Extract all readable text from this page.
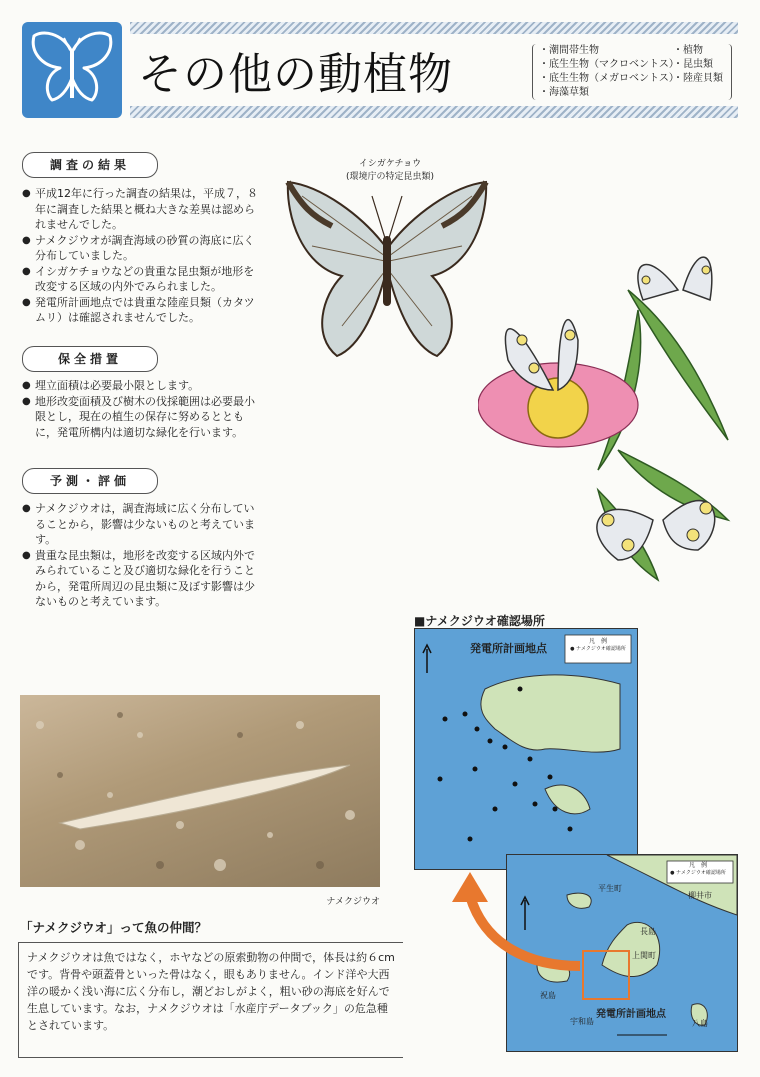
その他の動植物	・潮間帯生物
・底生生物（マクロベントス）
・底生生物（メガロベントス）
・海藻草類
・植物
・昆虫類
・陸産貝類
調査の結果
● 平成12年に行った調査の結果は，平成７，８年に調査した結果と概ね大きな差異は認められませんでした。
● ナメクジウオが調査海域の砂質の海底に広く分布していました。
● イシガケチョウなどの貴重な昆虫類が地形を改変する区域の内外でみられました。
● 発電所計画地点では貴重な陸産貝類（カタツムリ）は確認されませんでした。
保全措置
● 埋立面積は必要最小限とします。
● 地形改変面積及び樹木の伐採範囲は必要最小限とし，現在の植生の保存に努めるとともに，発電所構内は適切な緑化を行います。
予測・評価
● ナメクジウオは，調査海域に広く分布していることから，影響は少ないものと考えています。
● 貴重な昆虫類は，地形を改変する区域内外でみられていること及び適切な緑化を行うことから，発電所周辺の昆虫類に及ぼす影響は少ないものと考えています。
イシガケチョウ
(環境庁の特定昆虫類)
ナメクジウオ
「ナメクジウオ」って魚の仲間？
ナメクジウオは魚ではなく，ホヤなどの原索動物の仲間で，体長は約６cmです。背骨や頭蓋骨といった骨はなく，眼もありません。インド洋や大西洋の暖かく浅い海に広く分布し，潮どおしがよく，粗い砂の海底を好んで生息しています。なお，ナメクジウオは「水産庁データブック」の危急種とされています。
■ナメクジウオ確認場所
発電所計画地点
凡　例
● ナメクジウオ確認場所
平生町
柳井市
長島
上関町
祝島
宇和島
発電所計画地点
八島
凡　例
● ナメクジウオ確認場所
